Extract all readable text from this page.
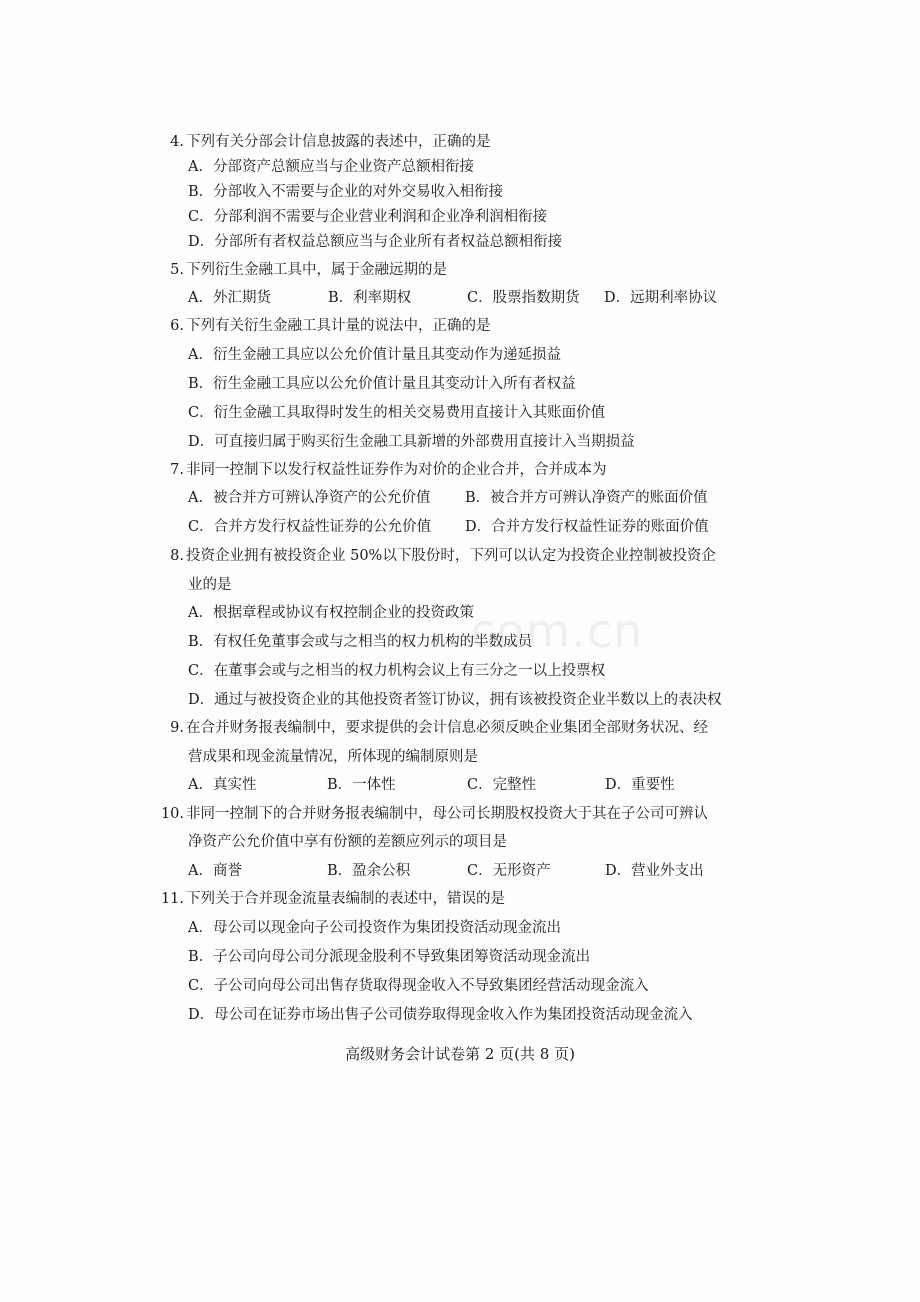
4. 下列有关分部会计信息披露的表述中，正确的是
A．分部资产总额应当与企业资产总额相衔接
B．分部收入不需要与企业的对外交易收入相衔接
C．分部利润不需要与企业营业利润和企业净利润相衔接
D．分部所有者权益总额应当与企业所有者权益总额相衔接
5. 下列衍生金融工具中，属于金融远期的是
A．外汇期货	B．利率期权	C．股票指数期货 D．远期利率协议
6. 下列有关衍生金融工具计量的说法中，正确的是
A．衍生金融工具应以公允价值计量且其变动作为递延损益
B．衍生金融工具应以公允价值计量且其变动计入所有者权益
C．衍生金融工具取得时发生的相关交易费用直接计入其账面价值
D．可直接归属于购买衍生金融工具新增的外部费用直接计入当期损益
7. 非同一控制下以发行权益性证券作为对价的企业合并，合并成本为
A．被合并方可辨认净资产的公允价值 B．被合并方可辨认净资产的账面价值
C．合并方发行权益性证券的公允价值 D．合并方发行权益性证券的账面价值
8. 投资企业拥有被投资企业 50%以下股份时，下列可以认定为投资企业控制被投资企
业的是
A．根据章程或协议有权控制企业的投资政策
B．有权任免董事会或与之相当的权力机构的半数成员
C．在董事会或与之相当的权力机构会议上有三分之一以上投票权
D．通过与被投资企业的其他投资者签订协议，拥有该被投资企业半数以上的表决权
9. 在合并财务报表编制中，要求提供的会计信息必须反映企业集团全部财务状况、经
营成果和现金流量情况，所体现的编制原则是
A．真实性	B．一体性	C．完整性	D．重要性
10. 非同一控制下的合并财务报表编制中，母公司长期股权投资大于其在子公司可辨认
净资产公允价值中享有份额的差额应列示的项目是
A．商誉	B．盈余公积	C．无形资产	D．营业外支出
11. 下列关于合并现金流量表编制的表述中，错误的是
A．母公司以现金向子公司投资作为集团投资活动现金流出
B．子公司向母公司分派现金股利不导致集团筹资活动现金流出
C．子公司向母公司出售存货取得现金收入不导致集团经营活动现金流入
D．母公司在证券市场出售子公司债券取得现金收入作为集团投资活动现金流入
高级财务会计试卷第 2 页(共 8 页)
com.cn
